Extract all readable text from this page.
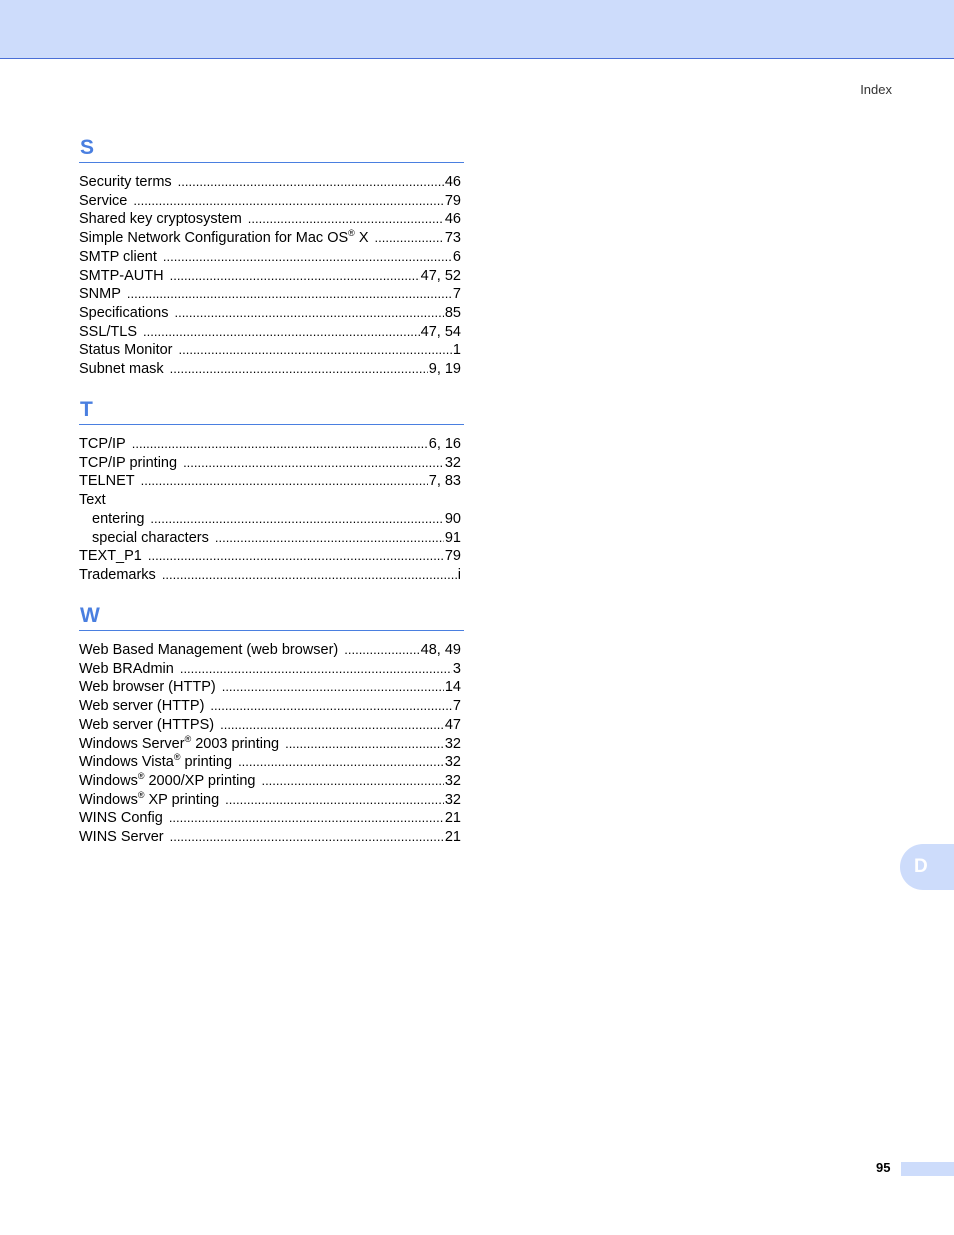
Index
S
Security terms .....	46
Service .....	79
Shared key cryptosystem .....	46
Simple Network Configuration for Mac OS® X .....	73
SMTP client .....	6
SMTP-AUTH .....	47, 52
SNMP .....	7
Specifications .....	85
SSL/TLS .....	47, 54
Status Monitor .....	1
Subnet mask .....	9, 19
T
TCP/IP .....	6, 16
TCP/IP printing .....	32
TELNET .....	7, 83
Text
entering .....	90
special characters .....	91
TEXT_P1 .....	79
Trademarks .....	i
W
Web Based Management (web browser) .....	48, 49
Web BRAdmin .....	3
Web browser (HTTP) .....	14
Web server (HTTP) .....	7
Web server (HTTPS) .....	47
Windows Server® 2003 printing .....	32
Windows Vista® printing .....	32
Windows® 2000/XP printing .....	32
Windows® XP printing .....	32
WINS Config .....	21
WINS Server .....	21
D
95
